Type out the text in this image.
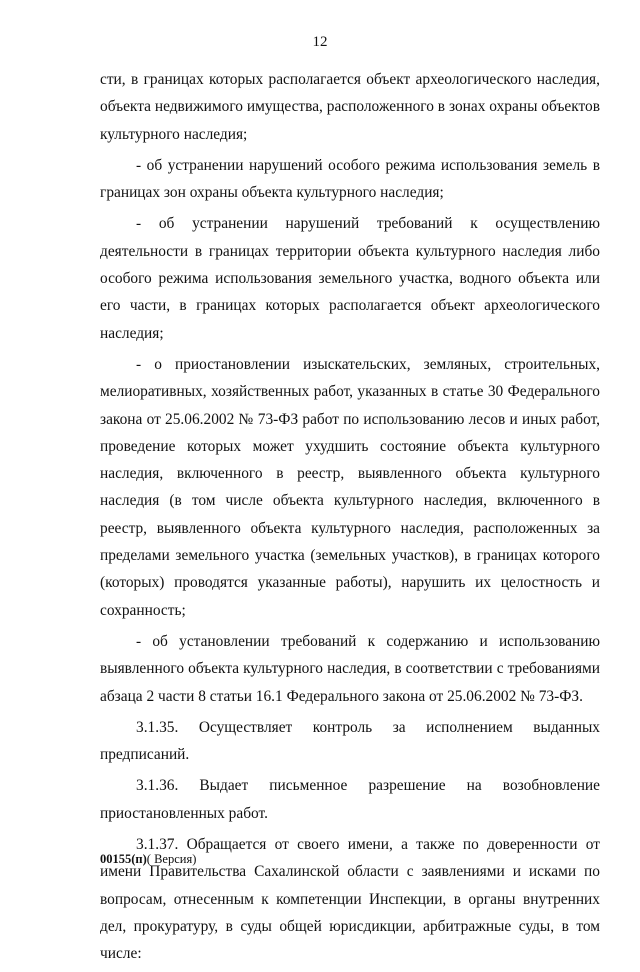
12

сти, в границах которых располагается объект археологического наследия, объекта недвижимого имущества, расположенного в зонах охраны объектов культурного наследия;

- об устранении нарушений особого режима использования земель в границах зон охраны объекта культурного наследия;

- об устранении нарушений требований к осуществлению деятельности в границах территории объекта культурного наследия либо особого режима использования земельного участка, водного объекта или его части, в границах которых располагается объект археологического наследия;

- о приостановлении изыскательских, земляных, строительных, мелиоративных, хозяйственных работ, указанных в статье 30 Федерального закона от 25.06.2002 № 73-ФЗ работ по использованию лесов и иных работ, проведение которых может ухудшить состояние объекта культурного наследия, включенного в реестр, выявленного объекта культурного наследия (в том числе объекта культурного наследия, включенного в реестр, выявленного объекта культурного наследия, расположенных за пределами земельного участка (земельных участков), в границах которого (которых) проводятся указанные работы), нарушить их целостность и сохранность;

- об установлении требований к содержанию и использованию выявленного объекта культурного наследия, в соответствии с требованиями абзаца 2 части 8 статьи 16.1 Федерального закона от 25.06.2002 № 73-ФЗ.

3.1.35. Осуществляет контроль за исполнением выданных предписаний.

3.1.36. Выдает письменное разрешение на возобновление приостановленных работ.

3.1.37. Обращается от своего имени, а также по доверенности от имени Правительства Сахалинской области с заявлениями и исками по вопросам, отнесенным к компетенции Инспекции, в органы внутренних дел, прокуратуру, в суды общей юрисдикции, арбитражные суды, в том числе:

00155(п)( Версия)
